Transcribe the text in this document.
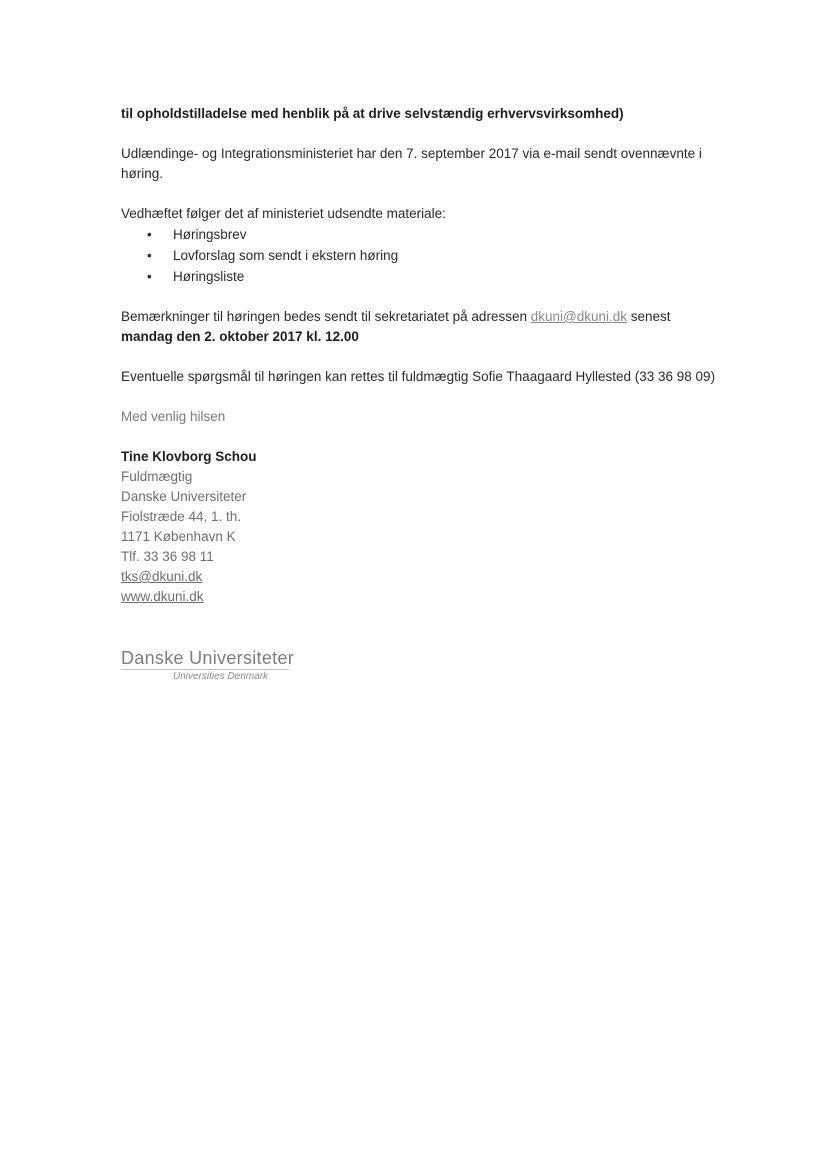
til opholdstilladelse med henblik på at drive selvstændig erhvervsvirksomhed)

Udlændinge- og Integrationsministeriet har den 7. september 2017 via e-mail sendt ovennævnte i høring.

Vedhæftet følger det af ministeriet udsendte materiale:

• Høringsbrev
• Lovforslag som sendt i ekstern høring
• Høringsliste

Bemærkninger til høringen bedes sendt til sekretariatet på adressen dkuni@dkuni.dk senest
mandag den 2. oktober 2017 kl. 12.00

Eventuelle spørgsmål til høringen kan rettes til fuldmægtig Sofie Thaagaard Hyllested (33 36 98 09)

Med venlig hilsen

Tine Klovborg Schou
Fuldmægtig
Danske Universiteter
Fiolstræde 44, 1. th.
1171 København K
Tlf. 33 36 98 11
tks@dkuni.dk
www.dkuni.dk
Danske Universiteter
Universities Denmark
